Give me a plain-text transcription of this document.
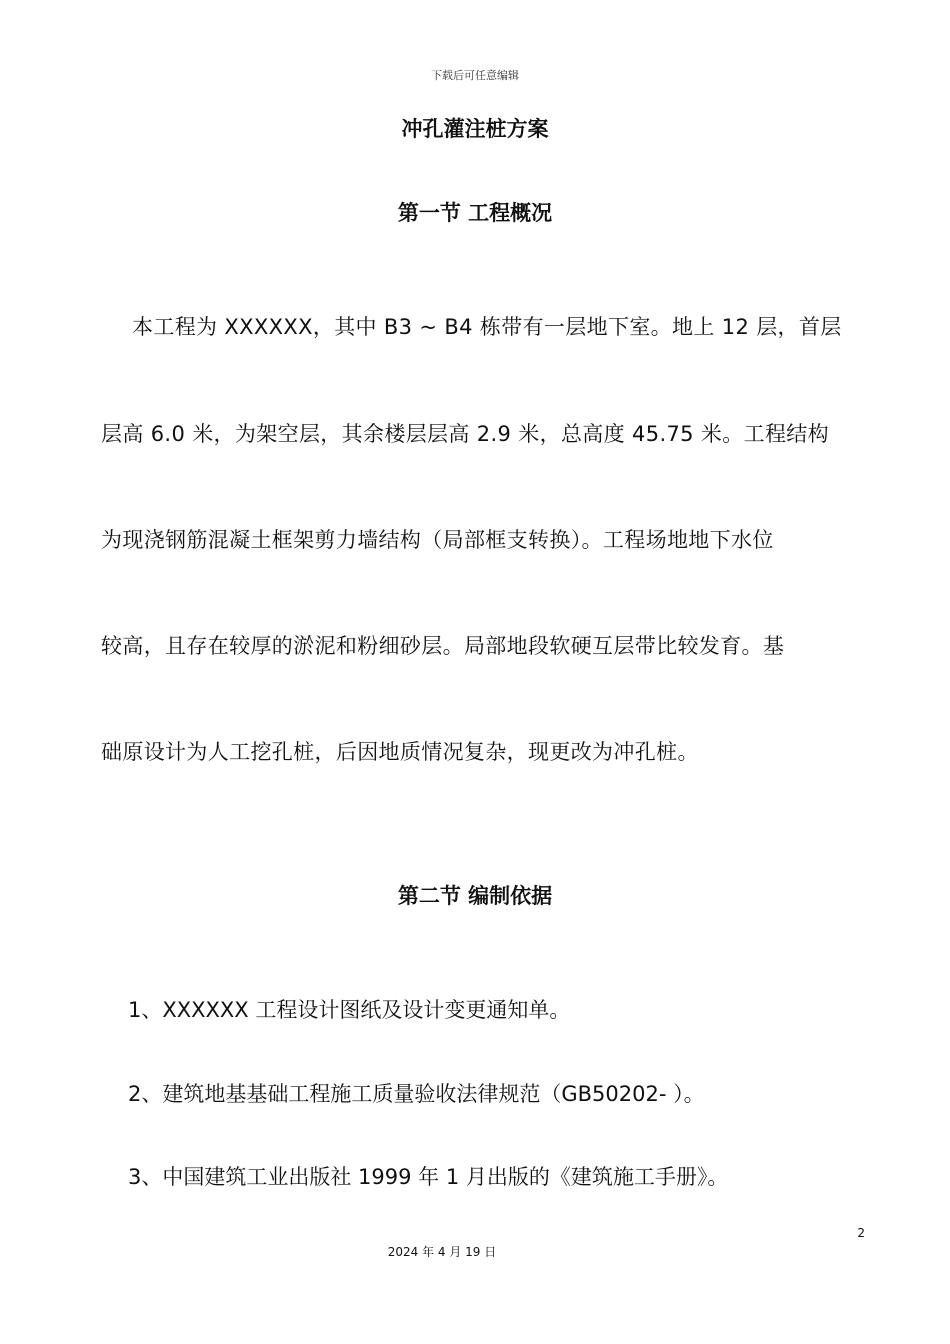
下载后可任意编辑
冲孔灌注桩方案
第一节 工程概况
本工程为 XXXXXX，其中 B3 ~ B4 栋带有一层地下室。地上 12 层，首层
层高 6.0 米，为架空层，其余楼层层高 2.9 米，总高度 45.75 米。工程结构
为现浇钢筋混凝土框架剪力墙结构（局部框支转换）。工程场地地下水位
较高，且存在较厚的淤泥和粉细砂层。局部地段软硬互层带比较发育。基
础原设计为人工挖孔桩，后因地质情况复杂，现更改为冲孔桩。
第二节 编制依据
1、XXXXXX 工程设计图纸及设计变更通知单。
2、建筑地基基础工程施工质量验收法律规范（GB50202- ）。
3、中国建筑工业出版社 1999 年 1 月出版的《建筑施工手册》。
2
2024 年 4 月 19 日
